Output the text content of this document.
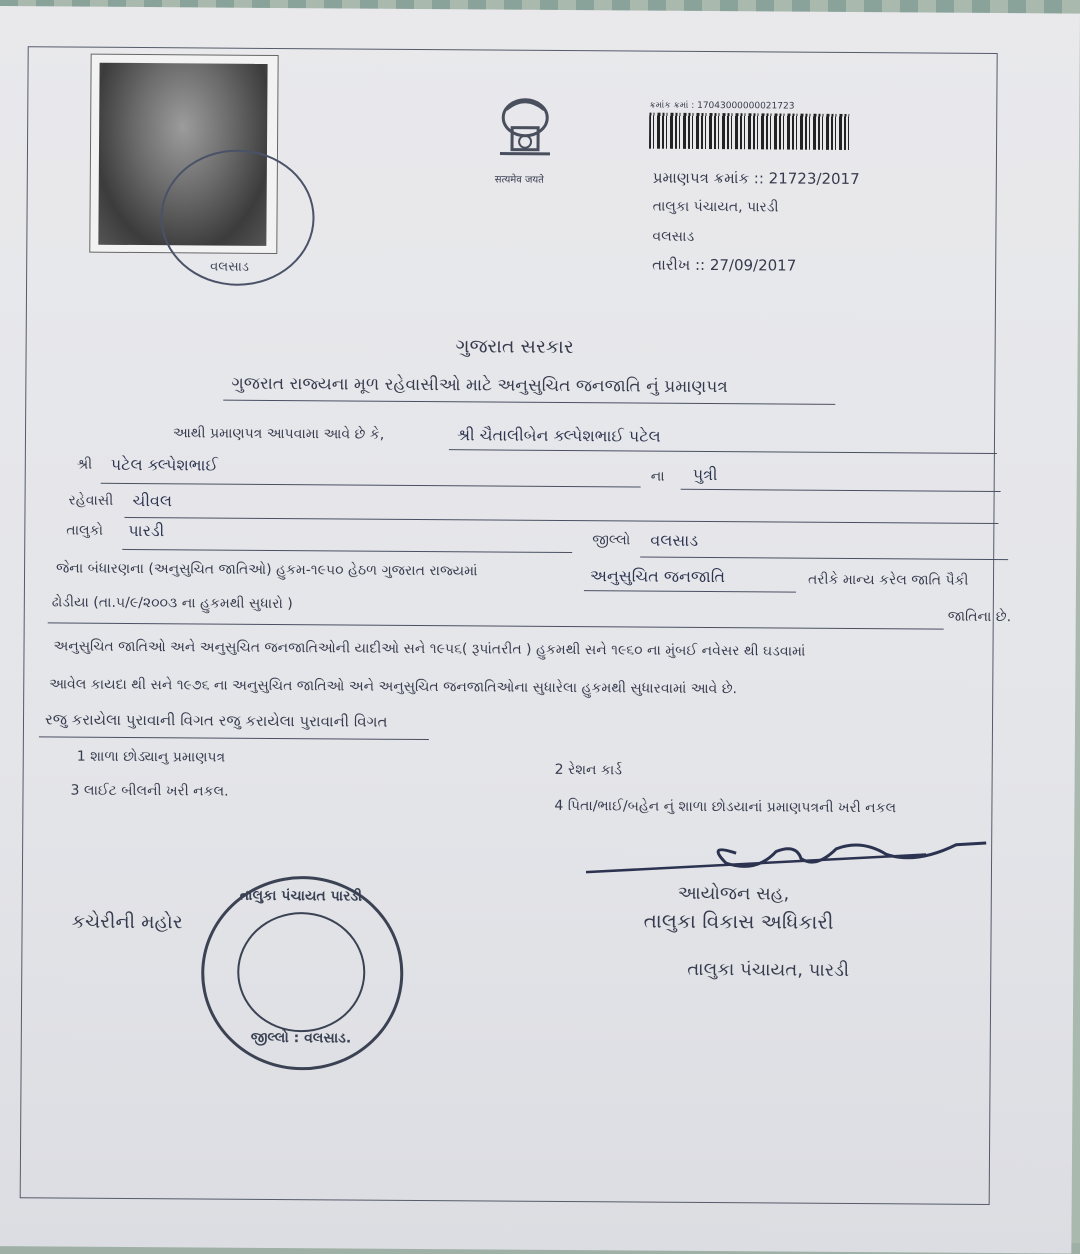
વલસાડ
सत्यमेव जयते
ક્રમાંક ક્રમાં : 17043000000021723
પ્રમાણપત્ર ક્રમાંક :: 21723/2017
તાલુકા પંચાયત, પારડી
વલસાડ
તારીખ :: 27/09/2017
ગુજરાત સરકાર
ગુજરાત રાજ્યના મૂળ રહેવાસીઓ માટે અનુસુચિત જનજાતિ નું પ્રમાણપત્ર
આથી પ્રમાણપત્ર આપવામા આવે છે કે,	શ્રી ચૈતાલીબેન ક્લ્પેશભાઈ પટેલ
શ્રી પટેલ ક્લ્પેશભાઈ
ના પુત્રી
રહેવાસી ચીવલ
તાલુકો પારડી
જીલ્લો વલસાડ
જેના બંધારણના (અનુસુચિત જાતિઓ) હુકમ-૧૯૫૦ હેઠળ ગુજરાત રાજ્યમાં	અનુસુચિત જનજાતિ	તરીકે માન્ય કરેલ જાતિ પૈકી
ઢોડીયા (તા.૫/૯/૨૦૦૩ ના હુકમથી સુધારો )
જાતિના છે.
અનુસુચિત જાતિઓ અને અનુસુચિત જનજાતિઓની યાદીઓ સને ૧૯૫૬( રૂપાંતરીત ) હુકમથી સને ૧૯૬૦ ના મુંબઈ નવેસર થી ઘડવામાં
આવેલ કાયદા થી સને ૧૯૭૬ ના અનુસુચિત જાતિઓ અને અનુસુચિત જનજાતિઓના સુધારેલા હુકમથી સુધારવામાં આવે છે.
રજુ કરાયેલા પુરાવાની વિગત રજુ કરાયેલા પુરાવાની વિગત
1 શાળા છોડ્યાનુ પ્રમાણપત્ર
2 રેશન કાર્ડ
3 લાઈટ બીલની ખરી નકલ.
4 પિતા/ભાઈ/બહેન નું શાળા છોડયાનાં પ્રમાણપત્રની ખરી નકલ
કચેરીની મહોર
તાલુકા પંચાયત પારડી
જીલ્લો : વલસાડ.
આયોજન સહ,
તાલુકા વિકાસ અધિકારી
તાલુકા પંચાયત, પારડી
